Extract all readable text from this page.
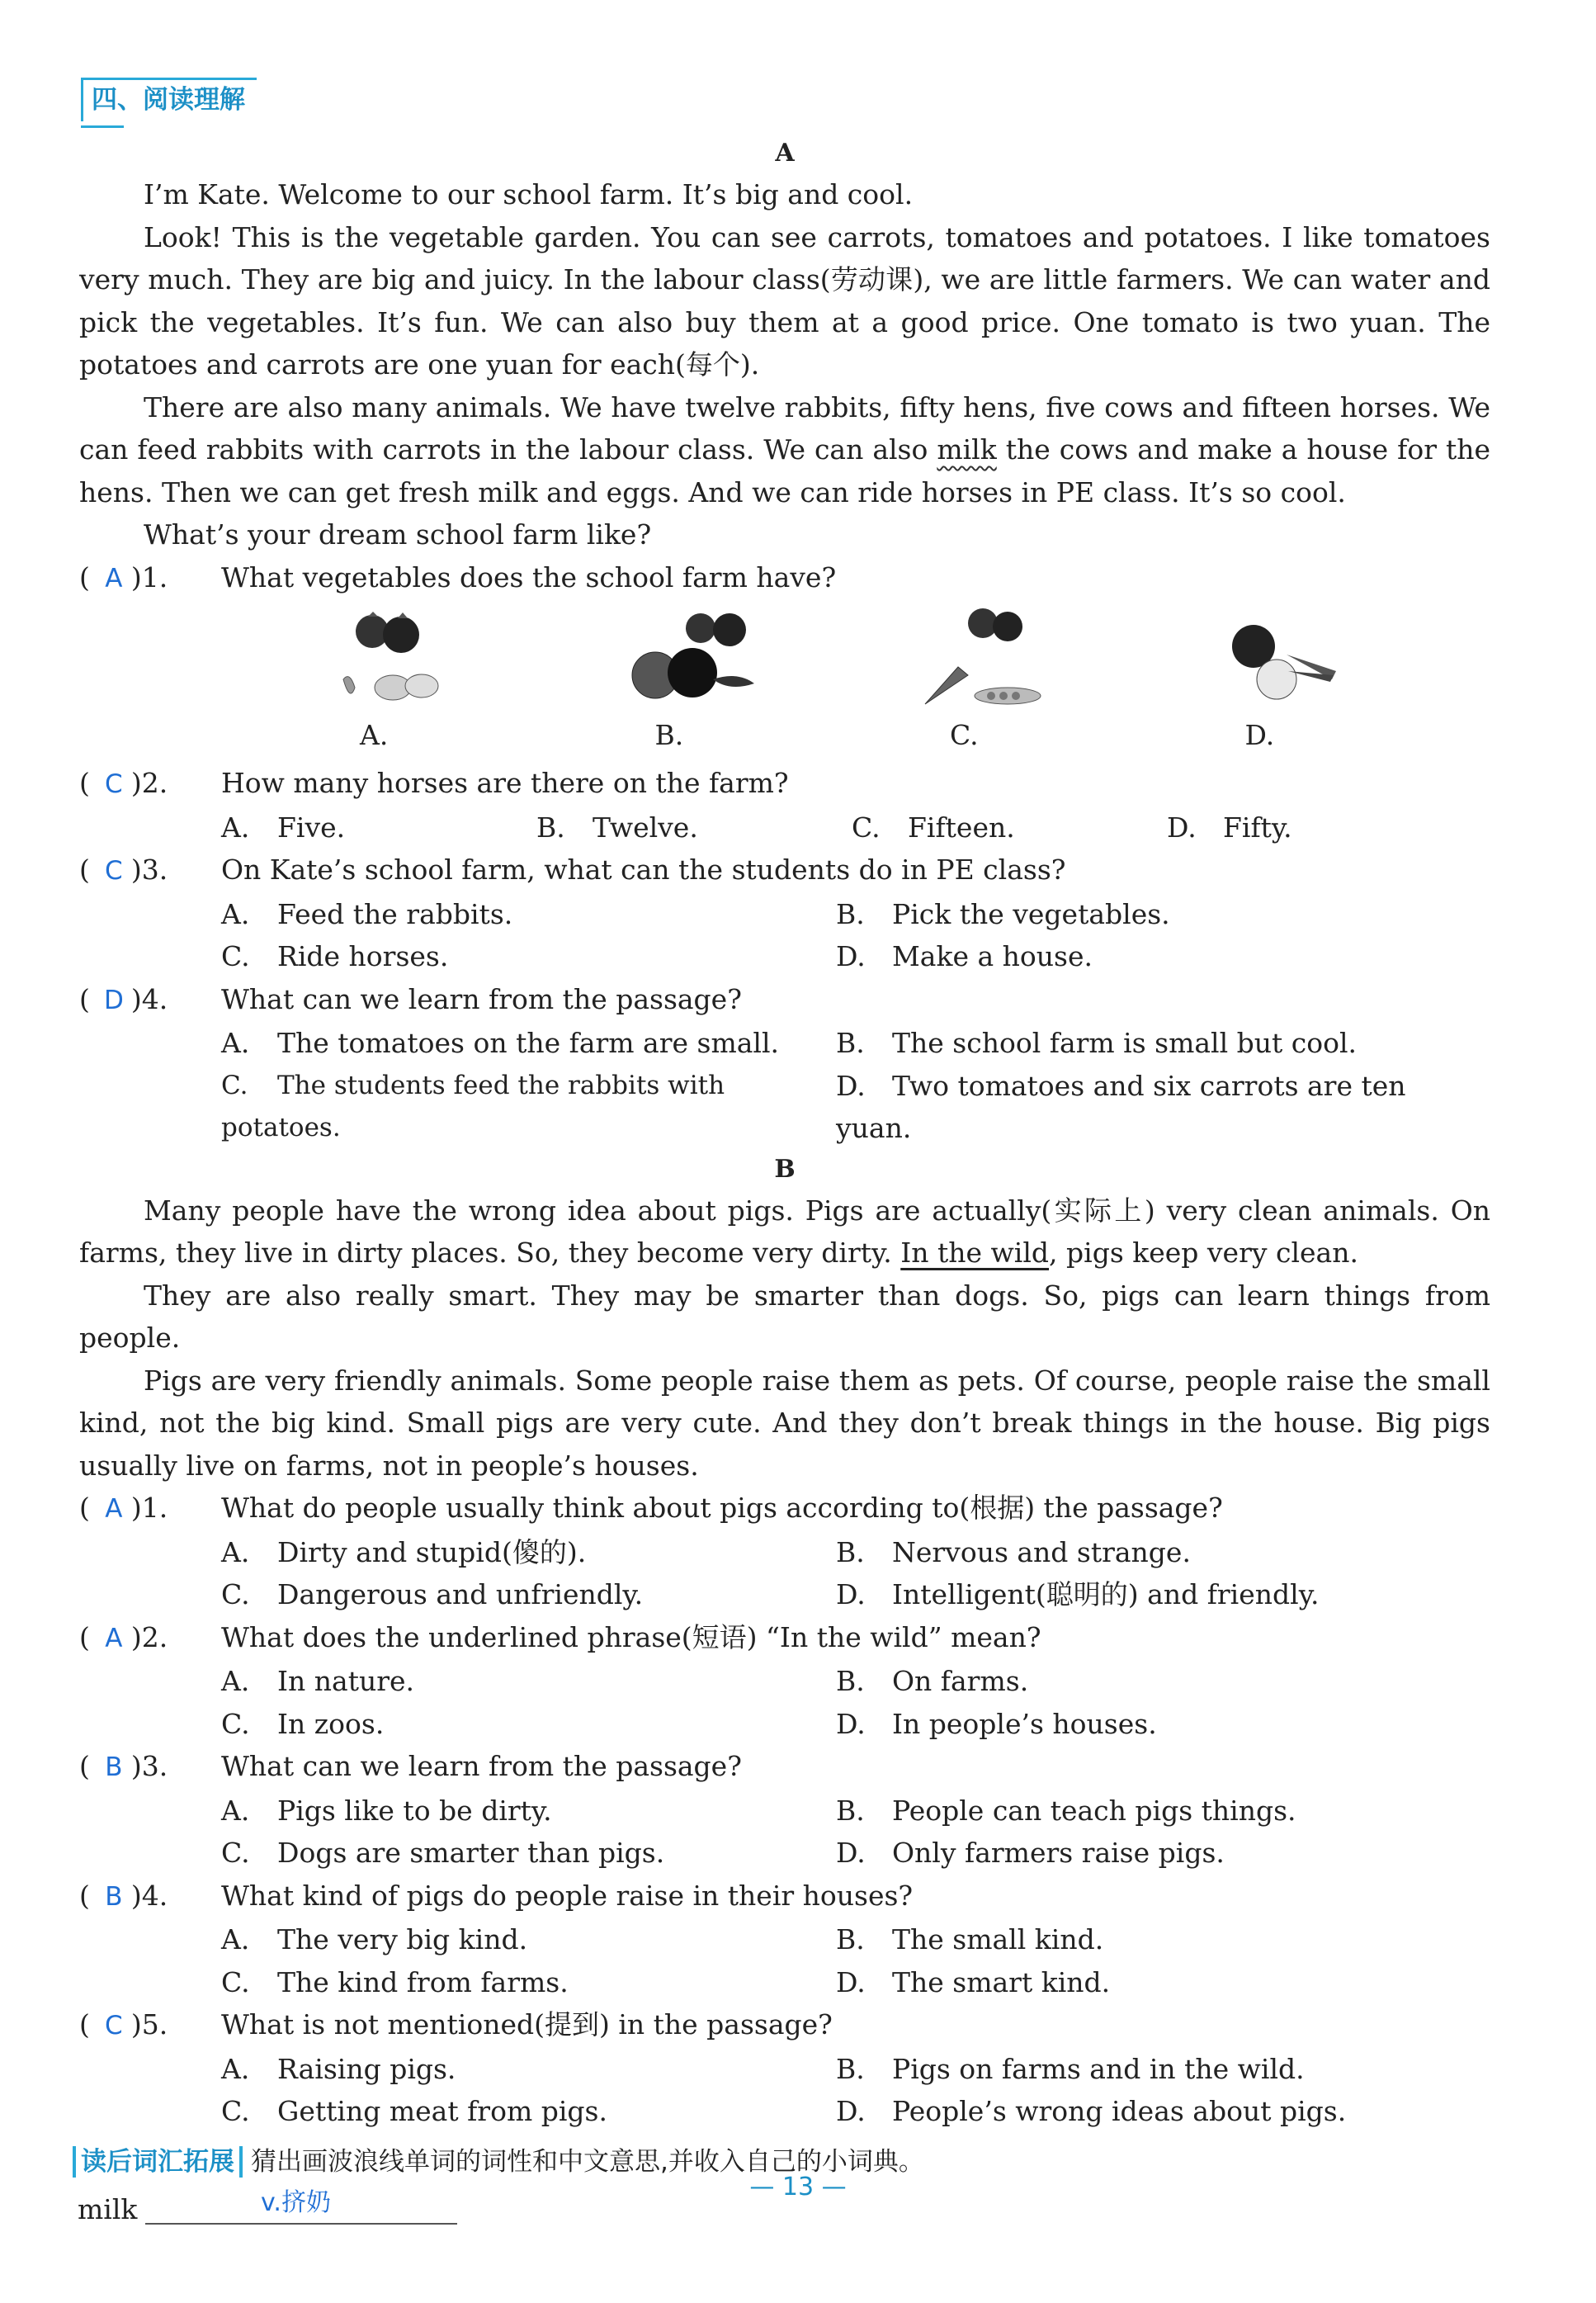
四、阅读理解
A

I’m Kate. Welcome to our school farm. It’s big and cool.

Look! This is the vegetable garden. You can see carrots, tomatoes and potatoes. I like tomatoes very much. They are big and juicy. In the labour class(劳动课), we are little farmers. We can water and pick the vegetables. It’s fun. We can also buy them at a good price. One tomato is two yuan. The potatoes and carrots are one yuan for each(每个).

There are also many animals. We have twelve rabbits, fifty hens, five cows and fifteen horses. We can feed rabbits with carrots in the labour class. We can also milk the cows and make a house for the hens. Then we can get fresh milk and eggs. And we can ride horses in PE class. It’s so cool.

What’s your dream school farm like?

( A )1.	What vegetables does the school farm have?
A.	B.	C.	D.
( C )2.	How many horses are there on the farm?
A. Five.	B. Twelve.	C. Fifteen.	D. Fifty.
( C )3.	On Kate’s school farm, what can the students do in PE class?
A. Feed the rabbits.	B. Pick the vegetables.
C. Ride horses.	D. Make a house.
( D )4.	What can we learn from the passage?
A. The tomatoes on the farm are small.	B. The school farm is small but cool.
C. The students feed the rabbits with potatoes.
D. Two tomatoes and six carrots are ten yuan.
B

Many people have the wrong idea about pigs. Pigs are actually(实际上) very clean animals. On farms, they live in dirty places. So, they become very dirty. In the wild, pigs keep very clean.

They are also really smart. They may be smarter than dogs. So, pigs can learn things from people.

Pigs are very friendly animals. Some people raise them as pets. Of course, people raise the small kind, not the big kind. Small pigs are very cute. And they don’t break things in the house. Big pigs usually live on farms, not in people’s houses.

( A )1.	What do people usually think about pigs according to(根据) the passage?
A. Dirty and stupid(傻的).	B. Nervous and strange.
C. Dangerous and unfriendly.	D. Intelligent(聪明的) and friendly.
( A )2.	What does the underlined phrase(短语) “In the wild” mean?
A. In nature.	B. On farms.
C. In zoos.	D. In people’s houses.
( B )3.	What can we learn from the passage?
A. Pigs like to be dirty.	B. People can teach pigs things.
C. Dogs are smarter than pigs.	D. Only farmers raise pigs.
( B )4.	What kind of pigs do people raise in their houses?
A. The very big kind.	B. The small kind.
C. The kind from farms.	D. The smart kind.
( C )5.	What is not mentioned(提到) in the passage?
A. Raising pigs.	B. Pigs on farms and in the wild.
C. Getting meat from pigs.	D. People’s wrong ideas about pigs.
读后词汇拓展 猜出画波浪线单词的词性和中文意思,并收入自己的小词典。
milk	v.挤奶
— 13 —
